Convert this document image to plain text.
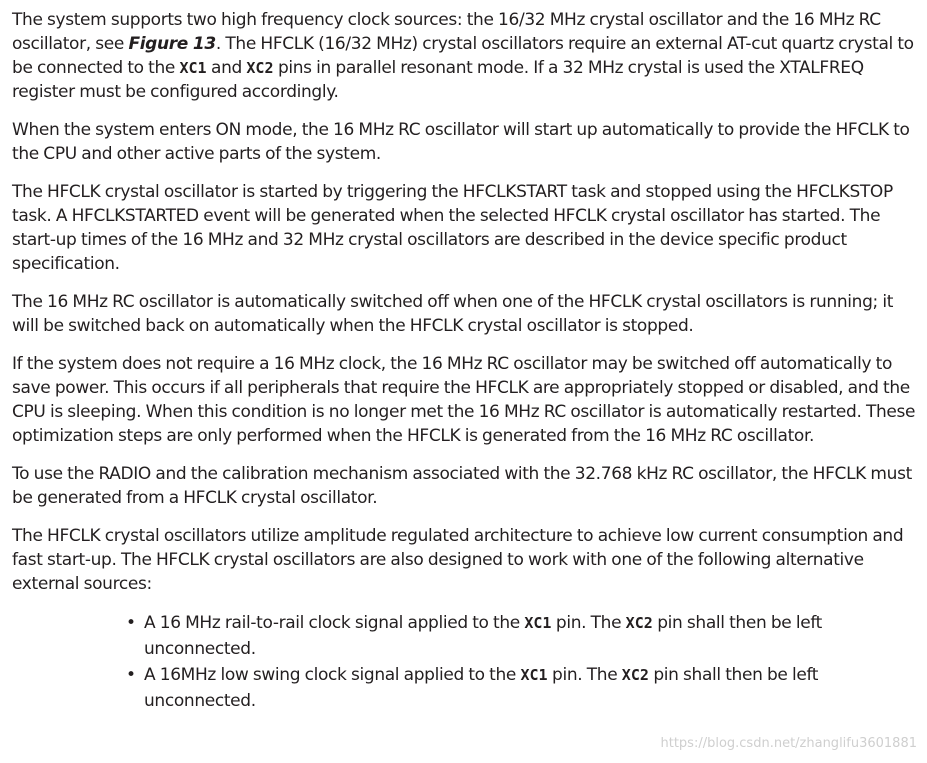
The system supports two high frequency clock sources: the 16/32 MHz crystal oscillator and the 16 MHz RC oscillator, see Figure 13. The HFCLK (16/32 MHz) crystal oscillators require an external AT-cut quartz crystal to be connected to the XC1 and XC2 pins in parallel resonant mode. If a 32 MHz crystal is used the XTALFREQ register must be configured accordingly.

When the system enters ON mode, the 16 MHz RC oscillator will start up automatically to provide the HFCLK to the CPU and other active parts of the system.

The HFCLK crystal oscillator is started by triggering the HFCLKSTART task and stopped using the HFCLKSTOP task. A HFCLKSTARTED event will be generated when the selected HFCLK crystal oscillator has started. The start-up times of the 16 MHz and 32 MHz crystal oscillators are described in the device specific product specification.

The 16 MHz RC oscillator is automatically switched off when one of the HFCLK crystal oscillators is running; it will be switched back on automatically when the HFCLK crystal oscillator is stopped.

If the system does not require a 16 MHz clock, the 16 MHz RC oscillator may be switched off automatically to save power. This occurs if all peripherals that require the HFCLK are appropriately stopped or disabled, and the CPU is sleeping. When this condition is no longer met the 16 MHz RC oscillator is automatically restarted. These optimization steps are only performed when the HFCLK is generated from the 16 MHz RC oscillator.

To use the RADIO and the calibration mechanism associated with the 32.768 kHz RC oscillator, the HFCLK must be generated from a HFCLK crystal oscillator.

The HFCLK crystal oscillators utilize amplitude regulated architecture to achieve low current consumption and fast start-up. The HFCLK crystal oscillators are also designed to work with one of the following alternative external sources:

• A 16 MHz rail-to-rail clock signal applied to the XC1 pin. The XC2 pin shall then be left unconnected.
• A 16MHz low swing clock signal applied to the XC1 pin. The XC2 pin shall then be left unconnected.
https://blog.csdn.net/zhanglifu3601881
